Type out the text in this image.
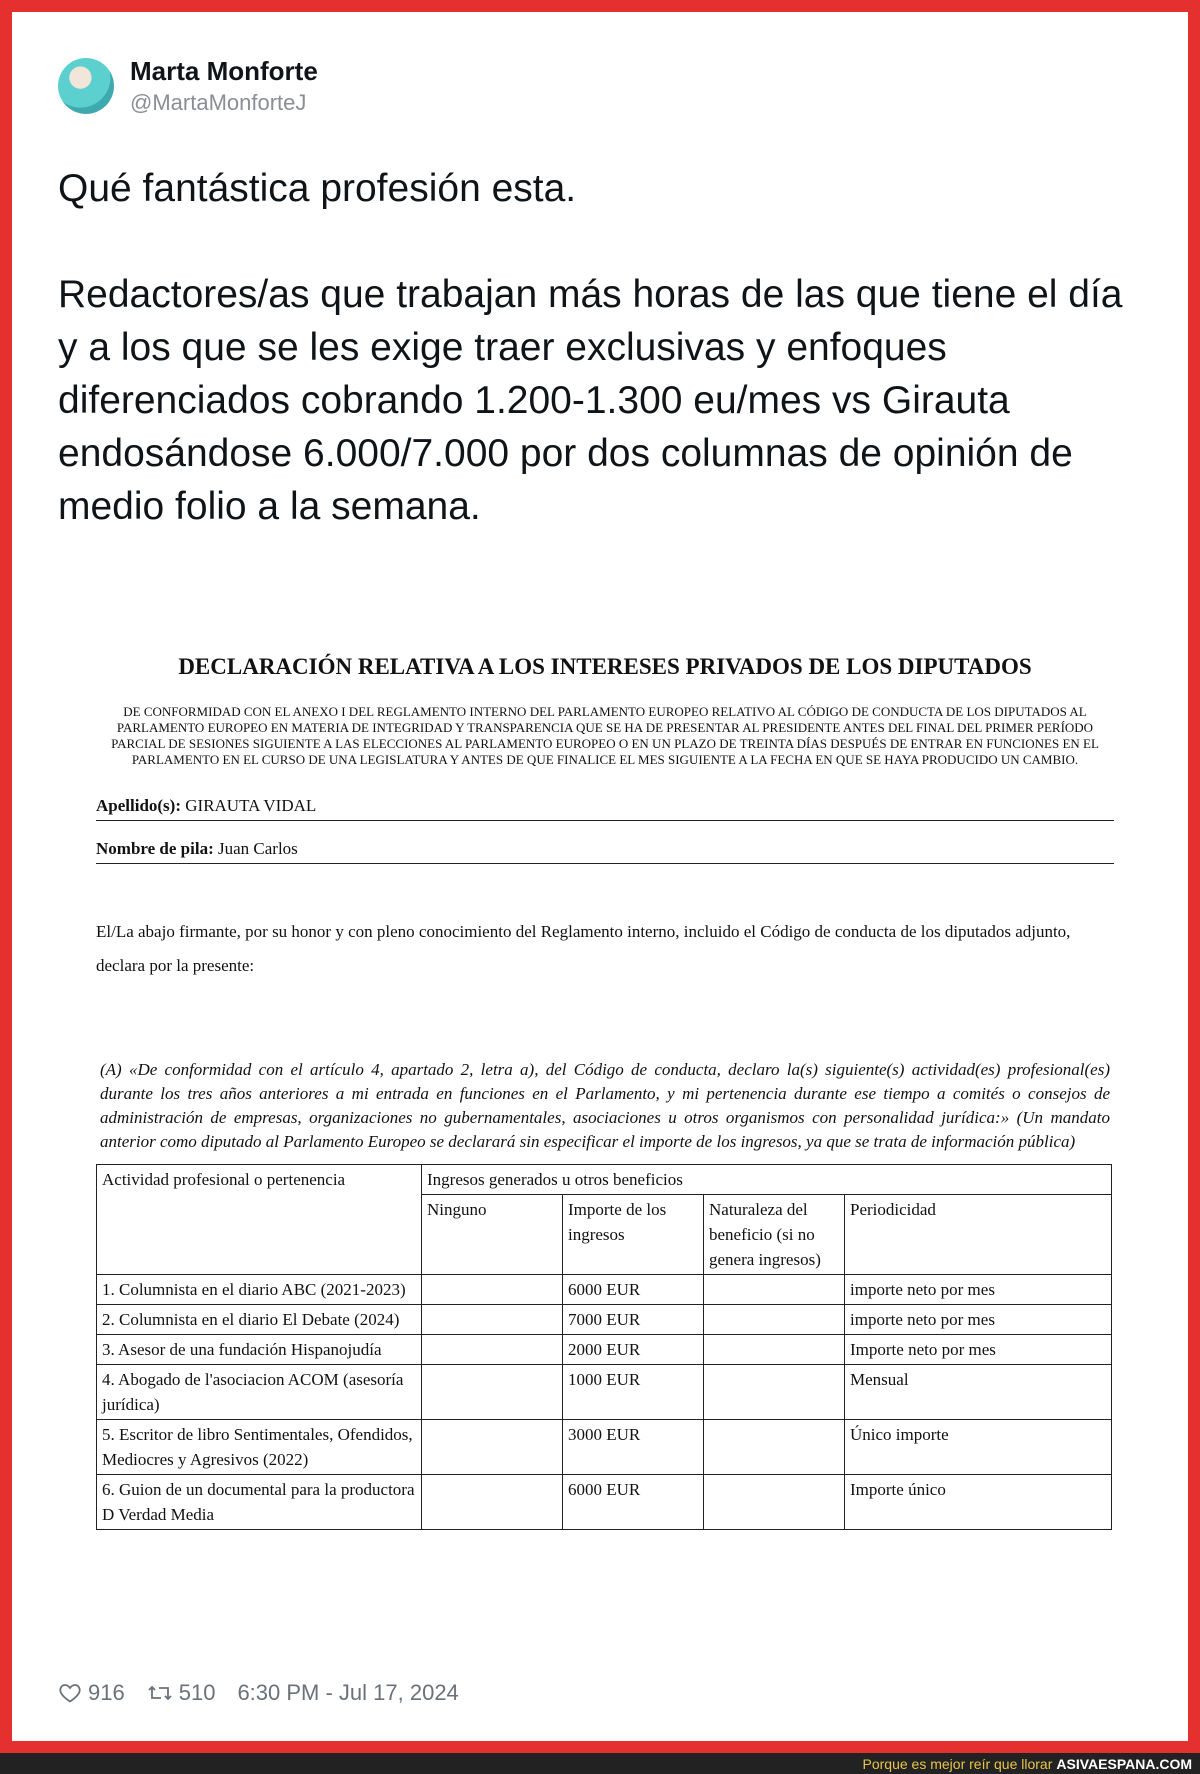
Marta Monforte
@MartaMonforteJ
Qué fantástica profesión esta.

Redactores/as que trabajan más horas de las que tiene el día y a los que se les exige traer exclusivas y enfoques diferenciados cobrando 1.200-1.300 eu/mes vs Girauta endosándose 6.000/7.000 por dos columnas de opinión de medio folio a la semana.
DECLARACIÓN RELATIVA A LOS INTERESES PRIVADOS DE LOS DIPUTADOS
DE CONFORMIDAD CON EL ANEXO I DEL REGLAMENTO INTERNO DEL PARLAMENTO EUROPEO RELATIVO AL CÓDIGO DE CONDUCTA DE LOS DIPUTADOS AL PARLAMENTO EUROPEO EN MATERIA DE INTEGRIDAD Y TRANSPARENCIA QUE SE HA DE PRESENTAR AL PRESIDENTE ANTES DEL FINAL DEL PRIMER PERÍODO PARCIAL DE SESIONES SIGUIENTE A LAS ELECCIONES AL PARLAMENTO EUROPEO O EN UN PLAZO DE TREINTA DÍAS DESPUÉS DE ENTRAR EN FUNCIONES EN EL PARLAMENTO EN EL CURSO DE UNA LEGISLATURA Y ANTES DE QUE FINALICE EL MES SIGUIENTE A LA FECHA EN QUE SE HAYA PRODUCIDO UN CAMBIO.
Apellido(s): GIRAUTA VIDAL
Nombre de pila: Juan Carlos
El/La abajo firmante, por su honor y con pleno conocimiento del Reglamento interno, incluido el Código de conducta de los diputados adjunto,
declara por la presente:
(A) «De conformidad con el artículo 4, apartado 2, letra a), del Código de conducta, declaro la(s) siguiente(s) actividad(es) profesional(es) durante los tres años anteriores a mi entrada en funciones en el Parlamento, y mi pertenencia durante ese tiempo a comités o consejos de administración de empresas, organizaciones no gubernamentales, asociaciones u otros organismos con personalidad jurídica:» (Un mandato anterior como diputado al Parlamento Europeo se declarará sin especificar el importe de los ingresos, ya que se trata de información pública)
Actividad profesional o pertenencia	Ingresos generados u otros beneficios			
	Ninguno	Importe de los ingresos	Naturaleza del beneficio (si no genera ingresos)	Periodicidad
1. Columnista en el diario ABC (2021-2023)		6000 EUR		importe neto por mes
2. Columnista en el diario El Debate (2024)		7000 EUR		importe neto por mes
3. Asesor de una fundación Hispanojudía		2000 EUR		Importe neto por mes
4. Abogado de l'asociacion ACOM (asesoría jurídica)		1000 EUR		Mensual
5. Escritor de libro Sentimentales, Ofendidos, Mediocres y Agresivos (2022)		3000 EUR		Único importe
6. Guion de un documental para la productora D Verdad Media		6000 EUR		Importe único
916 510 6:30 PM - Jul 17, 2024
Porque es mejor reír que llorar ASIVAESPANA.COM
